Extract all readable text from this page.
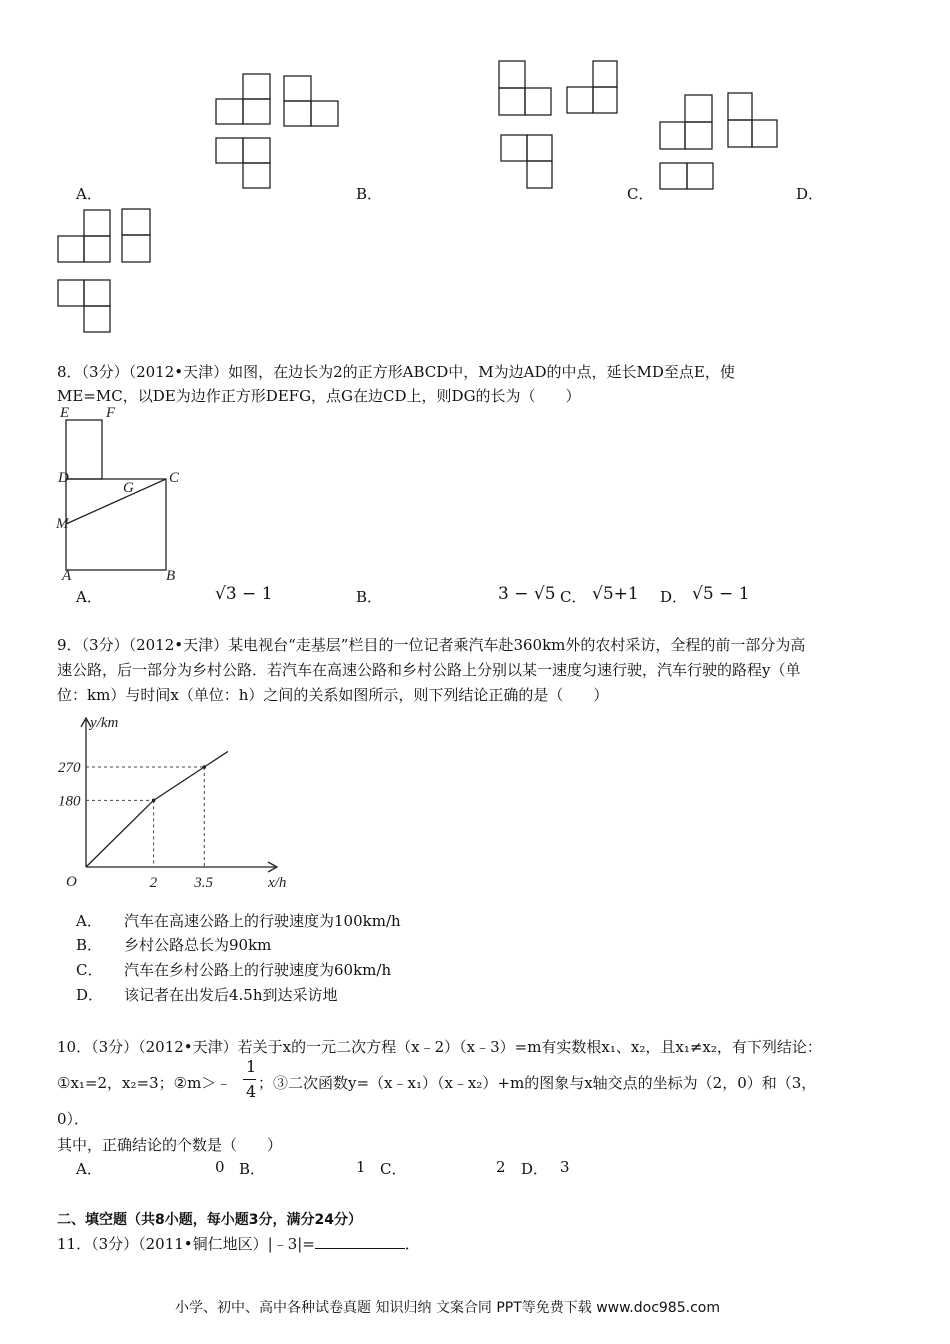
A．	B．	C．	D．
8．（3分）（2012•天津）如图，在边长为2的正方形ABCD中，M为边AD的中点，延长MD至点E，使
ME=MC，以DE为边作正方形DEFG，点G在边CD上，则DG的长为（　　）
E F
D	C
G
M
A	B
A．	√3 − 1	B．	3 − √5 C． √5+1 D． √5 − 1
9．（3分）（2012•天津）某电视台“走基层”栏目的一位记者乘汽车赴360km外的农村采访，全程的前一部分为高
速公路，后一部分为乡村公路．若汽车在高速公路和乡村公路上分别以某一速度匀速行驶，汽车行驶的路程y（单
位：km）与时间x（单位：h）之间的关系如图所示，则下列结论正确的是（　　）
2
180
3.5
270
y/km
x/h
O
A． 汽车在高速公路上的行驶速度为100km/h
B． 乡村公路总长为90km
C． 汽车在乡村公路上的行驶速度为60km/h
D． 该记者在出发后4.5h到达采访地
10．（3分）（2012•天津）若关于x的一元二次方程（x﹣2）（x﹣3）=m有实数根x₁、x₂，且x₁≠x₂，有下列结论：
①x₁=2，x₂=3；②m＞﹣
1
4 ；③二次函数y=（x﹣x₁）（x﹣x₂）+m的图象与x轴交点的坐标为（2，0）和（3，
0）．
其中，正确结论的个数是（　　）
A．	0 B．	1 C．	2 D． 3
二、填空题（共8小题，每小题3分，满分24分）
11．（3分）（2011•铜仁地区）|﹣3|=	．
小学、初中、高中各种试卷真题 知识归纳 文案合同 PPT等免费下载 www.doc985.com
